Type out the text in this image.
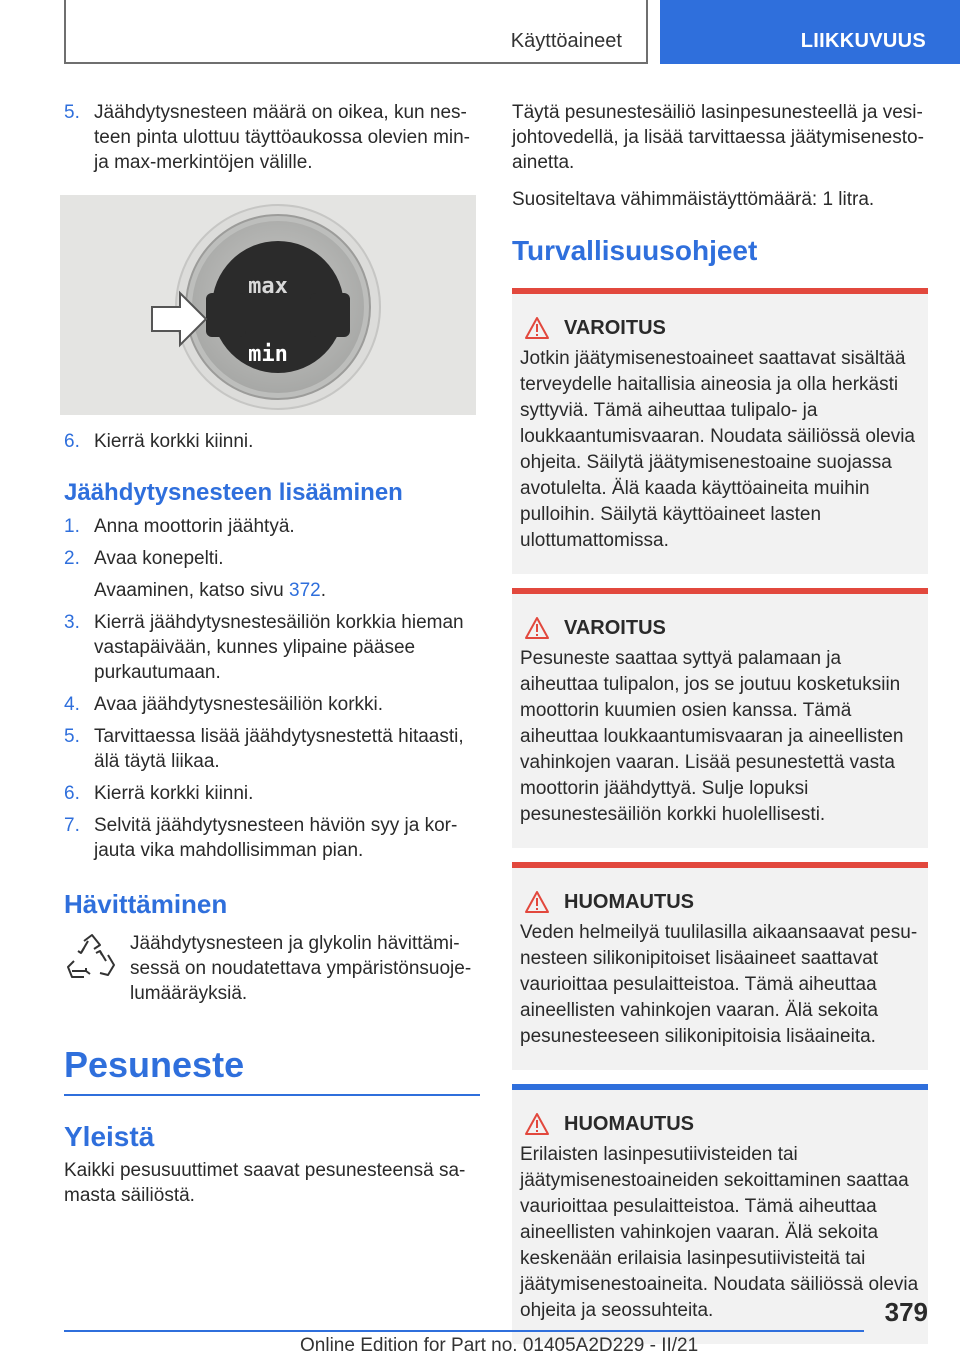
Käyttöaineet	LIIKKUVUUS
5. Jäähdytysnesteen määrä on oikea, kun nesteen pinta ulottuu täyttöaukossa olevien min- ja max-merkintöjen välille.
max
min
6. Kierrä korkki kiinni.
Jäähdytysnesteen lisääminen
1. Anna moottorin jäähtyä.
2. Avaa konepelti.
Avaaminen, katso sivu 372.
3. Kierrä jäähdytysnestesäiliön korkkia hieman vastapäivään, kunnes ylipaine pääsee purkautumaan.
4. Avaa jäähdytysnestesäiliön korkki.
5. Tarvittaessa lisää jäähdytysnestettä hitaasti, älä täytä liikaa.
6. Kierrä korkki kiinni.
7. Selvitä jäähdytysnesteen häviön syy ja korjauta vika mahdollisimman pian.
Hävittäminen

Jäähdytysnesteen ja glykolin hävittämisessä on noudatettava ympäristönsuojelumääräyksiä.

Pesuneste
Yleistä

Kaikki pesusuuttimet saavat pesunesteensä samasta säiliöstä.

Täytä pesunestesäiliö lasinpesunesteellä ja vesijohtovedellä, ja lisää tarvittaessa jäätymisenestoainetta.

Suositeltava vähimmäistäyttömäärä: 1 litra.

Turvallisuusohjeet
VAROITUS

Jotkin jäätymisenestoaineet saattavat sisältää terveydelle haitallisia aineosia ja olla herkästi syttyviä. Tämä aiheuttaa tulipalo- ja loukkaantumisvaaran. Noudata säiliössä olevia ohjeita. Säilytä jäätymisenestoaine suojassa avotulelta. Älä kaada käyttöaineita muihin pulloihin. Säilytä käyttöaineet lasten ulottumattomissa.

VAROITUS

Pesuneste saattaa syttyä palamaan ja aiheuttaa tulipalon, jos se joutuu kosketuksiin moottorin kuumien osien kanssa. Tämä aiheuttaa loukkaantumisvaaran ja aineellisten vahinkojen vaaran. Lisää pesunestettä vasta moottorin jäähdyttyä. Sulje lopuksi pesunestesäiliön korkki huolellisesti.

HUOMAUTUS

Veden helmeilyä tuulilasilla aikaansaavat pesunesteen silikonipitoiset lisäaineet saattavat vaurioittaa pesulaitteistoa. Tämä aiheuttaa aineellisten vahinkojen vaaran. Älä sekoita pesunesteeseen silikonipitoisia lisäaineita.

HUOMAUTUS

Erilaisten lasinpesutiivisteiden tai jäätymisenestoaineiden sekoittaminen saattaa vaurioittaa pesulaitteistoa. Tämä aiheuttaa aineellisten vahinkojen vaaran. Älä sekoita keskenään erilaisia lasinpesutiivisteitä tai jäätymisenestoaineita. Noudata säiliössä olevia ohjeita ja seossuhteita.	379
Online Edition for Part no. 01405A2D229 - II/21
